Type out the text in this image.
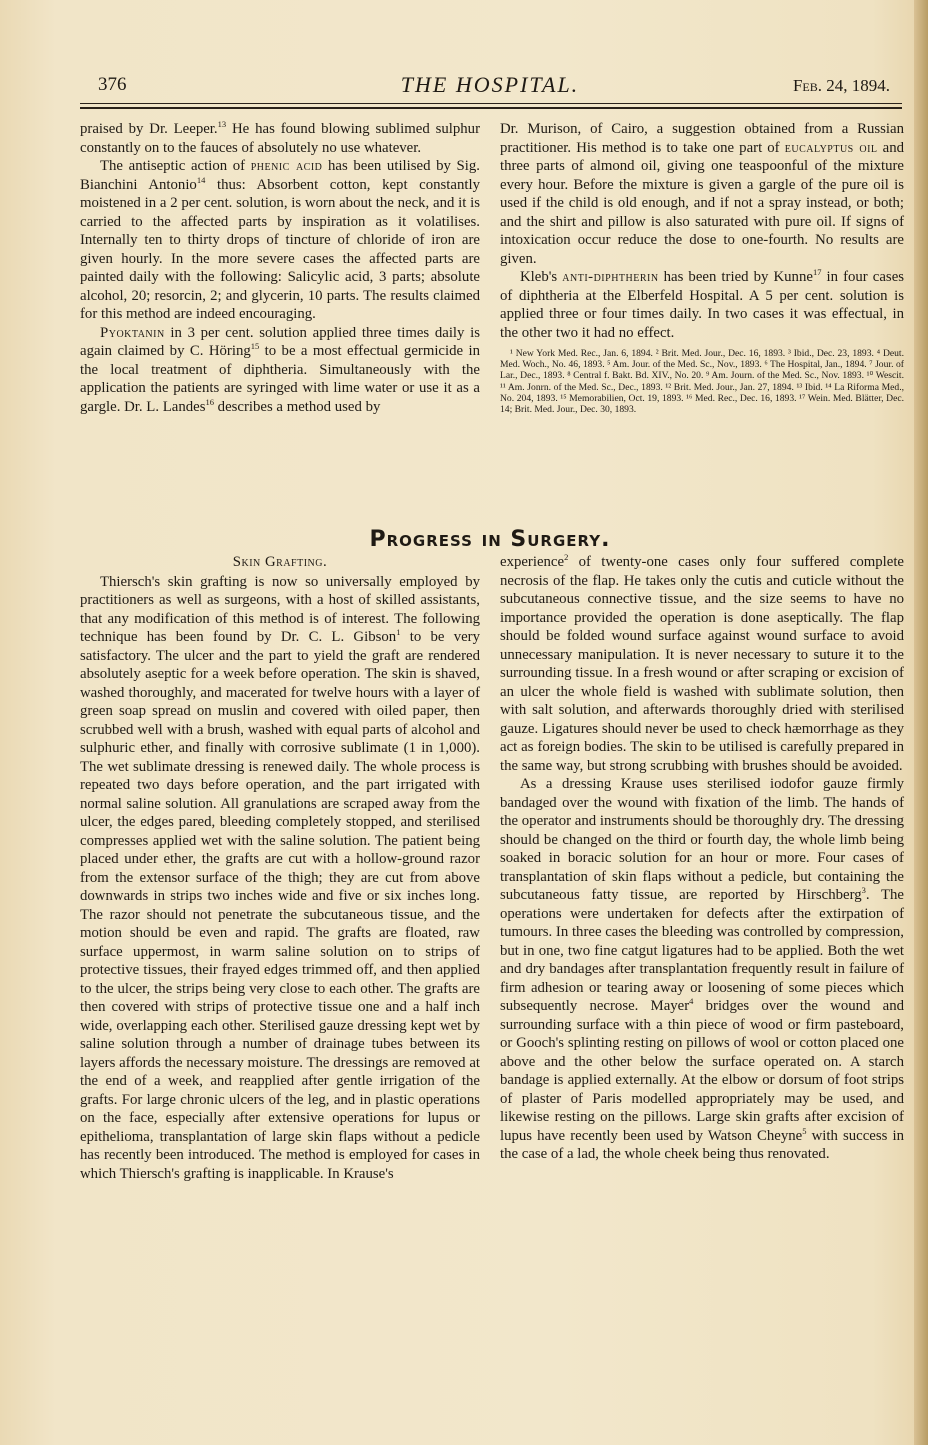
376	THE HOSPITAL.	Feb. 24, 1894.

praised by Dr. Leeper.$^{13}$ He has found blowing sublimed sulphur constantly on to the fauces of absolutely no use whatever.

The antiseptic action of phenic acid has been utilised by Sig. Bianchini Antonio$^{14}$ thus: Absorbent cotton, kept constantly moistened in a 2 per cent. solution, is worn about the neck, and it is carried to the affected parts by inspiration as it volatilises. Internally ten to thirty drops of tincture of chloride of iron are given hourly. In the more severe cases the affected parts are painted daily with the following: Salicylic acid, 3 parts; absolute alcohol, 20; resorcin, 2; and glycerin, 10 parts. The results claimed for this method are indeed encouraging.

Pyoktanin in 3 per cent. solution applied three times daily is again claimed by C. Höring$^{15}$ to be a most effectual germicide in the local treatment of diphtheria. Simultaneously with the application the patients are syringed with lime water or use it as a gargle. Dr. L. Landes$^{16}$ describes a method used by

Dr. Murison, of Cairo, a suggestion obtained from a Russian practitioner. His method is to take one part of eucalyptus oil and three parts of almond oil, giving one teaspoonful of the mixture every hour. Before the mixture is given a gargle of the pure oil is used if the child is old enough, and if not a spray instead, or both; and the shirt and pillow is also saturated with pure oil. If signs of intoxication occur reduce the dose to one-fourth. No results are given.

Kleb's anti-diphtherin has been tried by Kunne$^{17}$ in four cases of diphtheria at the Elberfeld Hospital. A 5 per cent. solution is applied three or four times daily. In two cases it was effectual, in the other two it had no effect.

¹ New York Med. Rec., Jan. 6, 1894. ² Brit. Med. Jour., Dec. 16, 1893. ³ Ibid., Dec. 23, 1893. ⁴ Deut. Med. Woch., No. 46, 1893. ⁵ Am. Jour. of the Med. Sc., Nov., 1893. ⁶ The Hospital, Jan., 1894. ⁷ Jour. of Lar., Dec., 1893. ⁸ Central f. Bakt. Bd. XIV., No. 20. ⁹ Am. Journ. of the Med. Sc., Nov. 1893. ¹⁰ Wescit. ¹¹ Am. Jonrn. of the Med. Sc., Dec., 1893. ¹² Brit. Med. Jour., Jan. 27, 1894. ¹³ Ibid. ¹⁴ La Riforma Med., No. 204, 1893. ¹⁵ Memorabilien, Oct. 19, 1893. ¹⁶ Med. Rec., Dec. 16, 1893. ¹⁷ Wein. Med. Blätter, Dec. 14; Brit. Med. Jour., Dec. 30, 1893.

Progress in Surgery.

Skin Grafting.

Thiersch's skin grafting is now so universally employed by practitioners as well as surgeons, with a host of skilled assistants, that any modification of this method is of interest. The following technique has been found by Dr. C. L. Gibson$^1$ to be very satisfactory. The ulcer and the part to yield the graft are rendered absolutely aseptic for a week before operation. The skin is shaved, washed thoroughly, and macerated for twelve hours with a layer of green soap spread on muslin and covered with oiled paper, then scrubbed well with a brush, washed with equal parts of alcohol and sulphuric ether, and finally with corrosive sublimate (1 in 1,000). The wet sublimate dressing is renewed daily. The whole process is repeated two days before operation, and the part irrigated with normal saline solution. All granulations are scraped away from the ulcer, the edges pared, bleeding completely stopped, and sterilised compresses applied wet with the saline solution. The patient being placed under ether, the grafts are cut with a hollow-ground razor from the extensor surface of the thigh; they are cut from above downwards in strips two inches wide and five or six inches long. The razor should not penetrate the subcutaneous tissue, and the motion should be even and rapid. The grafts are floated, raw surface uppermost, in warm saline solution on to strips of protective tissues, their frayed edges trimmed off, and then applied to the ulcer, the strips being very close to each other. The grafts are then covered with strips of protective tissue one and a half inch wide, overlapping each other. Sterilised gauze dressing kept wet by saline solution through a number of drainage tubes between its layers affords the necessary moisture. The dressings are removed at the end of a week, and reapplied after gentle irrigation of the grafts. For large chronic ulcers of the leg, and in plastic operations on the face, especially after extensive operations for lupus or epithelioma, transplantation of large skin flaps without a pedicle has recently been introduced. The method is employed for cases in which Thiersch's grafting is inapplicable. In Krause's

experience$^2$ of twenty-one cases only four suffered complete necrosis of the flap. He takes only the cutis and cuticle without the subcutaneous connective tissue, and the size seems to have no importance provided the operation is done aseptically. The flap should be folded wound surface against wound surface to avoid unnecessary manipulation. It is never necessary to suture it to the surrounding tissue. In a fresh wound or after scraping or excision of an ulcer the whole field is washed with sublimate solution, then with salt solution, and afterwards thoroughly dried with sterilised gauze. Ligatures should never be used to check hæmorrhage as they act as foreign bodies. The skin to be utilised is carefully prepared in the same way, but strong scrubbing with brushes should be avoided.

As a dressing Krause uses sterilised iodofor gauze firmly bandaged over the wound with fixation of the limb. The hands of the operator and instruments should be thoroughly dry. The dressing should be changed on the third or fourth day, the whole limb being soaked in boracic solution for an hour or more. Four cases of transplantation of skin flaps without a pedicle, but containing the subcutaneous fatty tissue, are reported by Hirschberg$^3$. The operations were undertaken for defects after the extirpation of tumours. In three cases the bleeding was controlled by compression, but in one, two fine catgut ligatures had to be applied. Both the wet and dry bandages after transplantation frequently result in failure of firm adhesion or tearing away or loosening of some pieces which subsequently necrose. Mayer$^4$ bridges over the wound and surrounding surface with a thin piece of wood or firm pasteboard, or Gooch's splinting resting on pillows of wool or cotton placed one above and the other below the surface operated on. A starch bandage is applied externally. At the elbow or dorsum of foot strips of plaster of Paris modelled appropriately may be used, and likewise resting on the pillows. Large skin grafts after excision of lupus have recently been used by Watson Cheyne$^5$ with success in the case of a lad, the whole cheek being thus renovated.
